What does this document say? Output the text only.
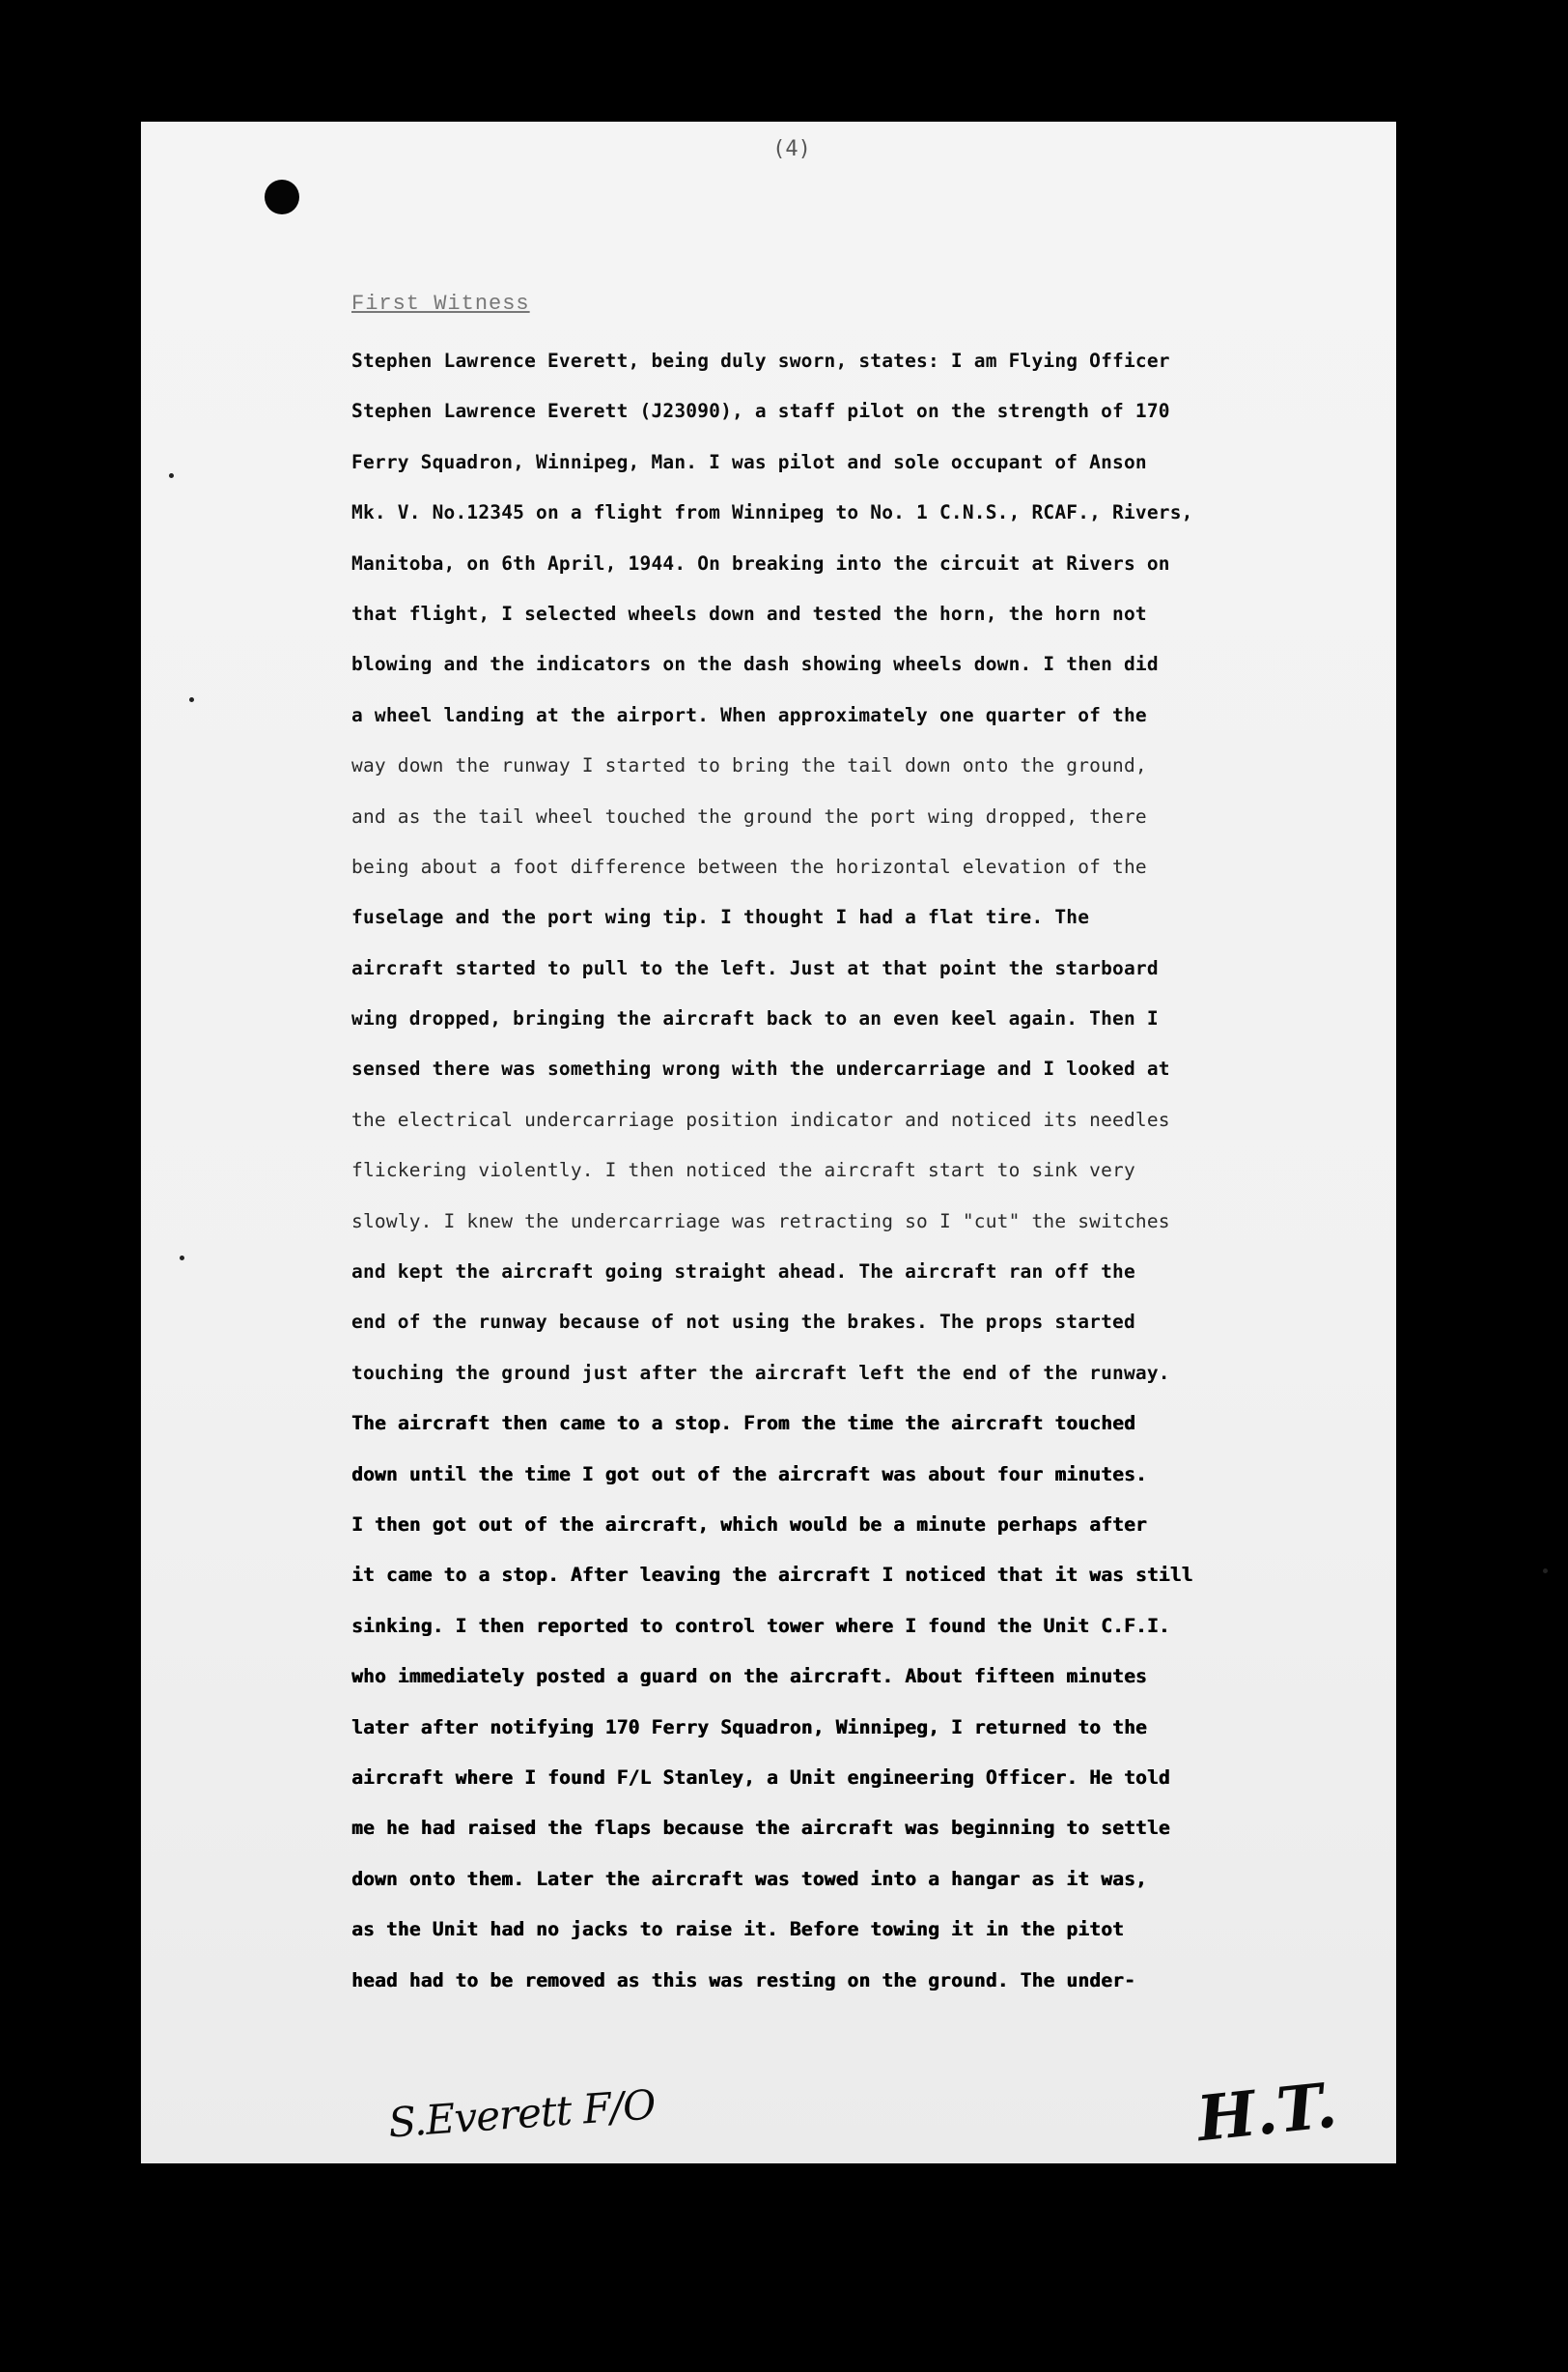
(4)
First Witness
Stephen Lawrence Everett, being duly sworn, states: I am Flying Officer
Stephen Lawrence Everett (J23090), a staff pilot on the strength of 170
Ferry Squadron, Winnipeg, Man. I was pilot and sole occupant of Anson
Mk. V. No.12345 on a flight from Winnipeg to No. 1 C.N.S., RCAF., Rivers,
Manitoba, on 6th April, 1944. On breaking into the circuit at Rivers on
that flight, I selected wheels down and tested the horn, the horn not
blowing and the indicators on the dash showing wheels down. I then did
a wheel landing at the airport. When approximately one quarter of the
way down the runway I started to bring the tail down onto the ground,
and as the tail wheel touched the ground the port wing dropped, there
being about a foot difference between the horizontal elevation of the
fuselage and the port wing tip. I thought I had a flat tire. The
aircraft started to pull to the left. Just at that point the starboard
wing dropped, bringing the aircraft back to an even keel again. Then I
sensed there was something wrong with the undercarriage and I looked at
the electrical undercarriage position indicator and noticed its needles
flickering violently. I then noticed the aircraft start to sink very
slowly. I knew the undercarriage was retracting so I "cut" the switches
and kept the aircraft going straight ahead. The aircraft ran off the
end of the runway because of not using the brakes. The props started
touching the ground just after the aircraft left the end of the runway.
The aircraft then came to a stop. From the time the aircraft touched
down until the time I got out of the aircraft was about four minutes.
I then got out of the aircraft, which would be a minute perhaps after
it came to a stop. After leaving the aircraft I noticed that it was still
sinking. I then reported to control tower where I found the Unit C.F.I.
who immediately posted a guard on the aircraft. About fifteen minutes
later after notifying 170 Ferry Squadron, Winnipeg, I returned to the
aircraft where I found F/L Stanley, a Unit engineering Officer. He told
me he had raised the flaps because the aircraft was beginning to settle
down onto them. Later the aircraft was towed into a hangar as it was,
as the Unit had no jacks to raise it. Before towing it in the pitot
head had to be removed as this was resting on the ground. The under-
S.Everett F/O	H.T.
